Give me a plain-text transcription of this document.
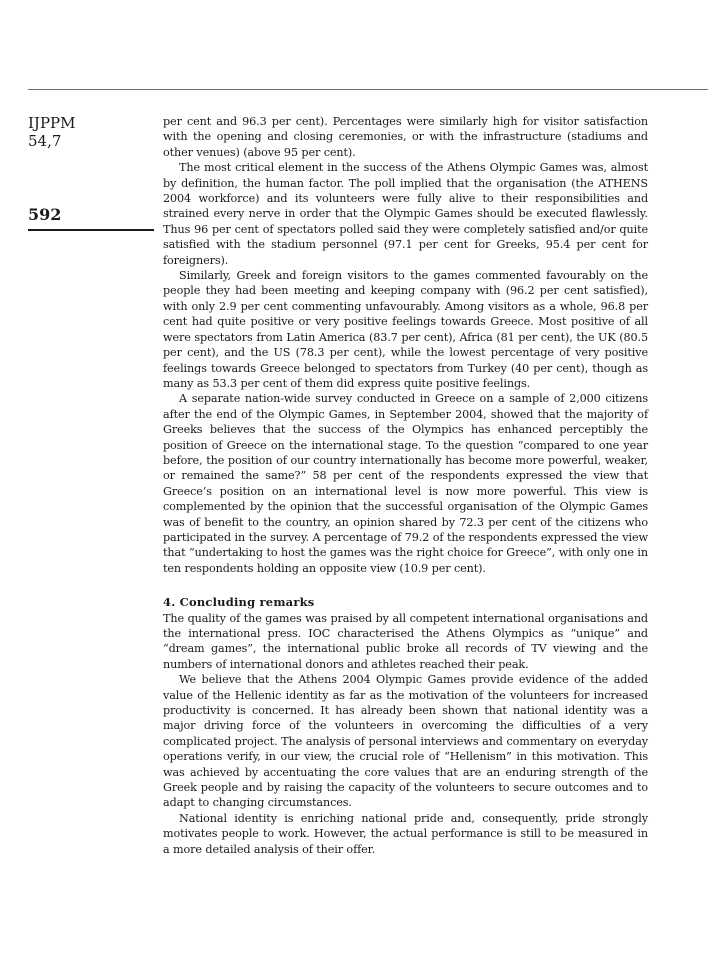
IJPPM
54,7
592

per cent and 96.3 per cent). Percentages were similarly high for visitor satisfaction with the opening and closing ceremonies, or with the infrastructure (stadiums and other venues) (above 95 per cent).

The most critical element in the success of the Athens Olympic Games was, almost by definition, the human factor. The poll implied that the organisation (the ATHENS 2004 workforce) and its volunteers were fully alive to their responsibilities and strained every nerve in order that the Olympic Games should be executed flawlessly. Thus 96 per cent of spectators polled said they were completely satisfied and/or quite satisfied with the stadium personnel (97.1 per cent for Greeks, 95.4 per cent for foreigners).

Similarly, Greek and foreign visitors to the games commented favourably on the people they had been meeting and keeping company with (96.2 per cent satisfied), with only 2.9 per cent commenting unfavourably. Among visitors as a whole, 96.8 per cent had quite positive or very positive feelings towards Greece. Most positive of all were spectators from Latin America (83.7 per cent), Africa (81 per cent), the UK (80.5 per cent), and the US (78.3 per cent), while the lowest percentage of very positive feelings towards Greece belonged to spectators from Turkey (40 per cent), though as many as 53.3 per cent of them did express quite positive feelings.

A separate nation-wide survey conducted in Greece on a sample of 2,000 citizens after the end of the Olympic Games, in September 2004, showed that the majority of Greeks believes that the success of the Olympics has enhanced perceptibly the position of Greece on the international stage. To the question “compared to one year before, the position of our country internationally has become more powerful, weaker, or remained the same?” 58 per cent of the respondents expressed the view that Greece’s position on an international level is now more powerful. This view is complemented by the opinion that the successful organisation of the Olympic Games was of benefit to the country, an opinion shared by 72.3 per cent of the citizens who participated in the survey. A percentage of 79.2 of the respondents expressed the view that “undertaking to host the games was the right choice for Greece”, with only one in ten respondents holding an opposite view (10.9 per cent).

4. Concluding remarks

The quality of the games was praised by all competent international organisations and the international press. IOC characterised the Athens Olympics as “unique” and “dream games”, the international public broke all records of TV viewing and the numbers of international donors and athletes reached their peak.

We believe that the Athens 2004 Olympic Games provide evidence of the added value of the Hellenic identity as far as the motivation of the volunteers for increased productivity is concerned. It has already been shown that national identity was a major driving force of the volunteers in overcoming the difficulties of a very complicated project. The analysis of personal interviews and commentary on everyday operations verify, in our view, the crucial role of “Hellenism” in this motivation. This was achieved by accentuating the core values that are an enduring strength of the Greek people and by raising the capacity of the volunteers to secure outcomes and to adapt to changing circumstances.

National identity is enriching national pride and, consequently, pride strongly motivates people to work. However, the actual performance is still to be measured in a more detailed analysis of their offer.
